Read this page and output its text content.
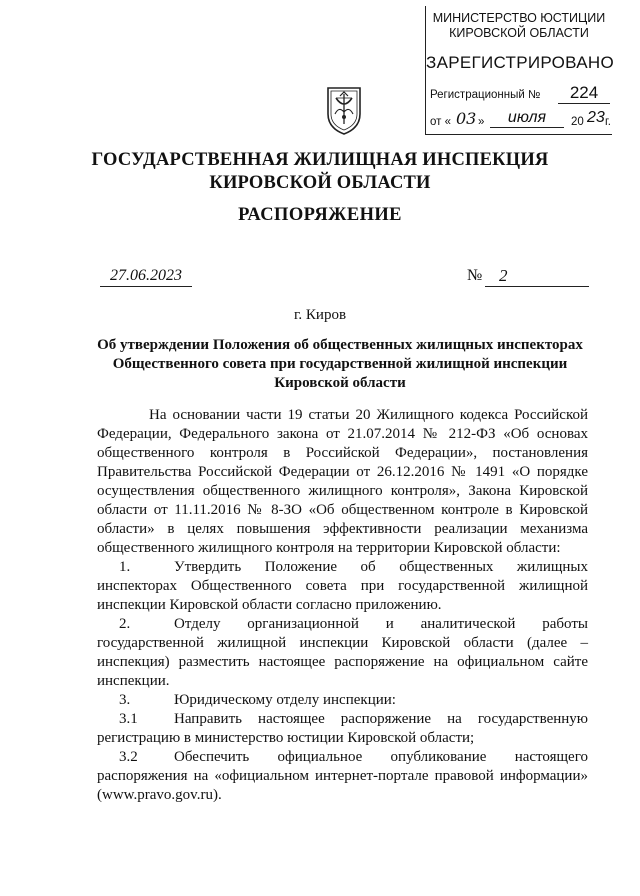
МИНИСТЕРСТВО ЮСТИЦИИ
КИРОВСКОЙ ОБЛАСТИ
ЗАРЕГИСТРИРОВАНО
Регистрационный №	224
от « 03 »	июля	20 23 г.
ГОСУДАРСТВЕННАЯ ЖИЛИЩНАЯ ИНСПЕКЦИЯ
КИРОВСКОЙ ОБЛАСТИ
РАСПОРЯЖЕНИЕ
27.06.2023	№ 2
г. Киров
Об утверждении Положения об общественных жилищных инспекторах
Общественного совета при государственной жилищной инспекции
Кировской области

На основании части 19 статьи 20 Жилищного кодекса Российской Федерации, Федерального закона от 21.07.2014 № 212-ФЗ «Об основах общественного контроля в Российской Федерации», постановления Правительства Российской Федерации от 26.12.2016 № 1491 «О порядке осуществления общественного жилищного контроля», Закона Кировской области от 11.11.2016 № 8-ЗО «Об общественном контроле в Кировской области» в целях повышения эффективности реализации механизма общественного жилищного контроля на территории Кировской области:

1.	Утвердить Положение об общественных жилищных инспекторах Общественного совета при государственной жилищной инспекции Кировской области согласно приложению.

2.	Отделу организационной и аналитической работы государственной жилищной инспекции Кировской области (далее – инспекция) разместить настоящее распоряжение на официальном сайте инспекции.

3.	Юридическому отделу инспекции:

3.1 Направить настоящее распоряжение на государственную регистрацию в министерство юстиции Кировской области;

3.2 Обеспечить официальное опубликование настоящего распоряжения на «официальном интернет-портале правовой информации» (www.pravo.gov.ru).
